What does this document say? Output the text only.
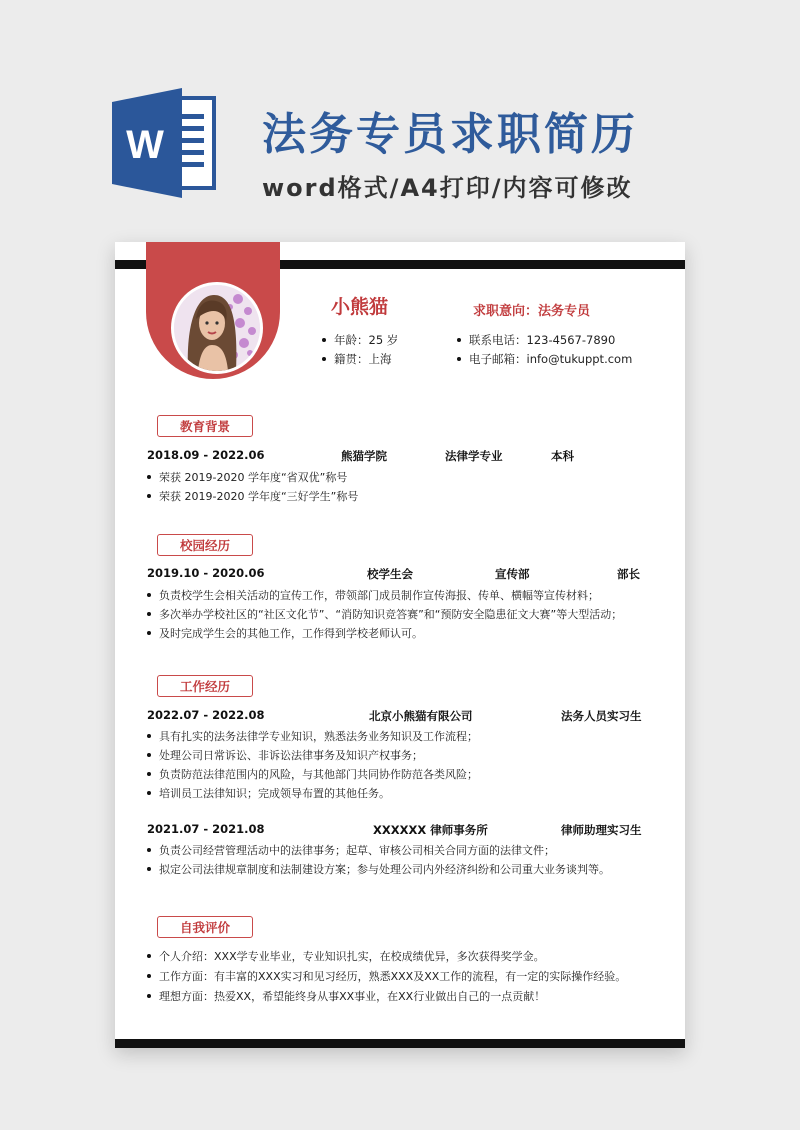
W 法务专员求职简历
word格式/A4打印/内容可修改
小熊猫	求职意向：法务专员
年龄：25 岁
籍贯：上海
联系电话：123-4567-7890
电子邮箱：info@tukuppt.com
教育背景
2018.09 - 2022.06	熊猫学院	法律学专业	本科
荣获 2019-2020 学年度“省双优”称号
荣获 2019-2020 学年度“三好学生”称号
校园经历
2019.10 - 2020.06	校学生会	宣传部	部长
负责校学生会相关活动的宣传工作，带领部门成员制作宣传海报、传单、横幅等宣传材料；
多次举办学校社区的“社区文化节”、“消防知识竞答赛”和“预防安全隐患征文大赛”等大型活动；
及时完成学生会的其他工作，工作得到学校老师认可。
工作经历
2022.07 - 2022.08	北京小熊猫有限公司	法务人员实习生
具有扎实的法务法律学专业知识，熟悉法务业务知识及工作流程；
处理公司日常诉讼、非诉讼法律事务及知识产权事务；
负责防范法律范围内的风险，与其他部门共同协作防范各类风险；
培训员工法律知识；完成领导布置的其他任务。
2021.07 - 2021.08	XXXXXX 律师事务所	律师助理实习生
负责公司经营管理活动中的法律事务；起草、审核公司相关合同方面的法律文件；
拟定公司法律规章制度和法制建设方案；参与处理公司内外经济纠纷和公司重大业务谈判等。
自我评价
个人介绍：XXX学专业毕业，专业知识扎实，在校成绩优异，多次获得奖学金。
工作方面：有丰富的XXX实习和见习经历，熟悉XXX及XX工作的流程，有一定的实际操作经验。
理想方面：热爱XX，希望能终身从事XX事业，在XX行业做出自己的一点贡献！
